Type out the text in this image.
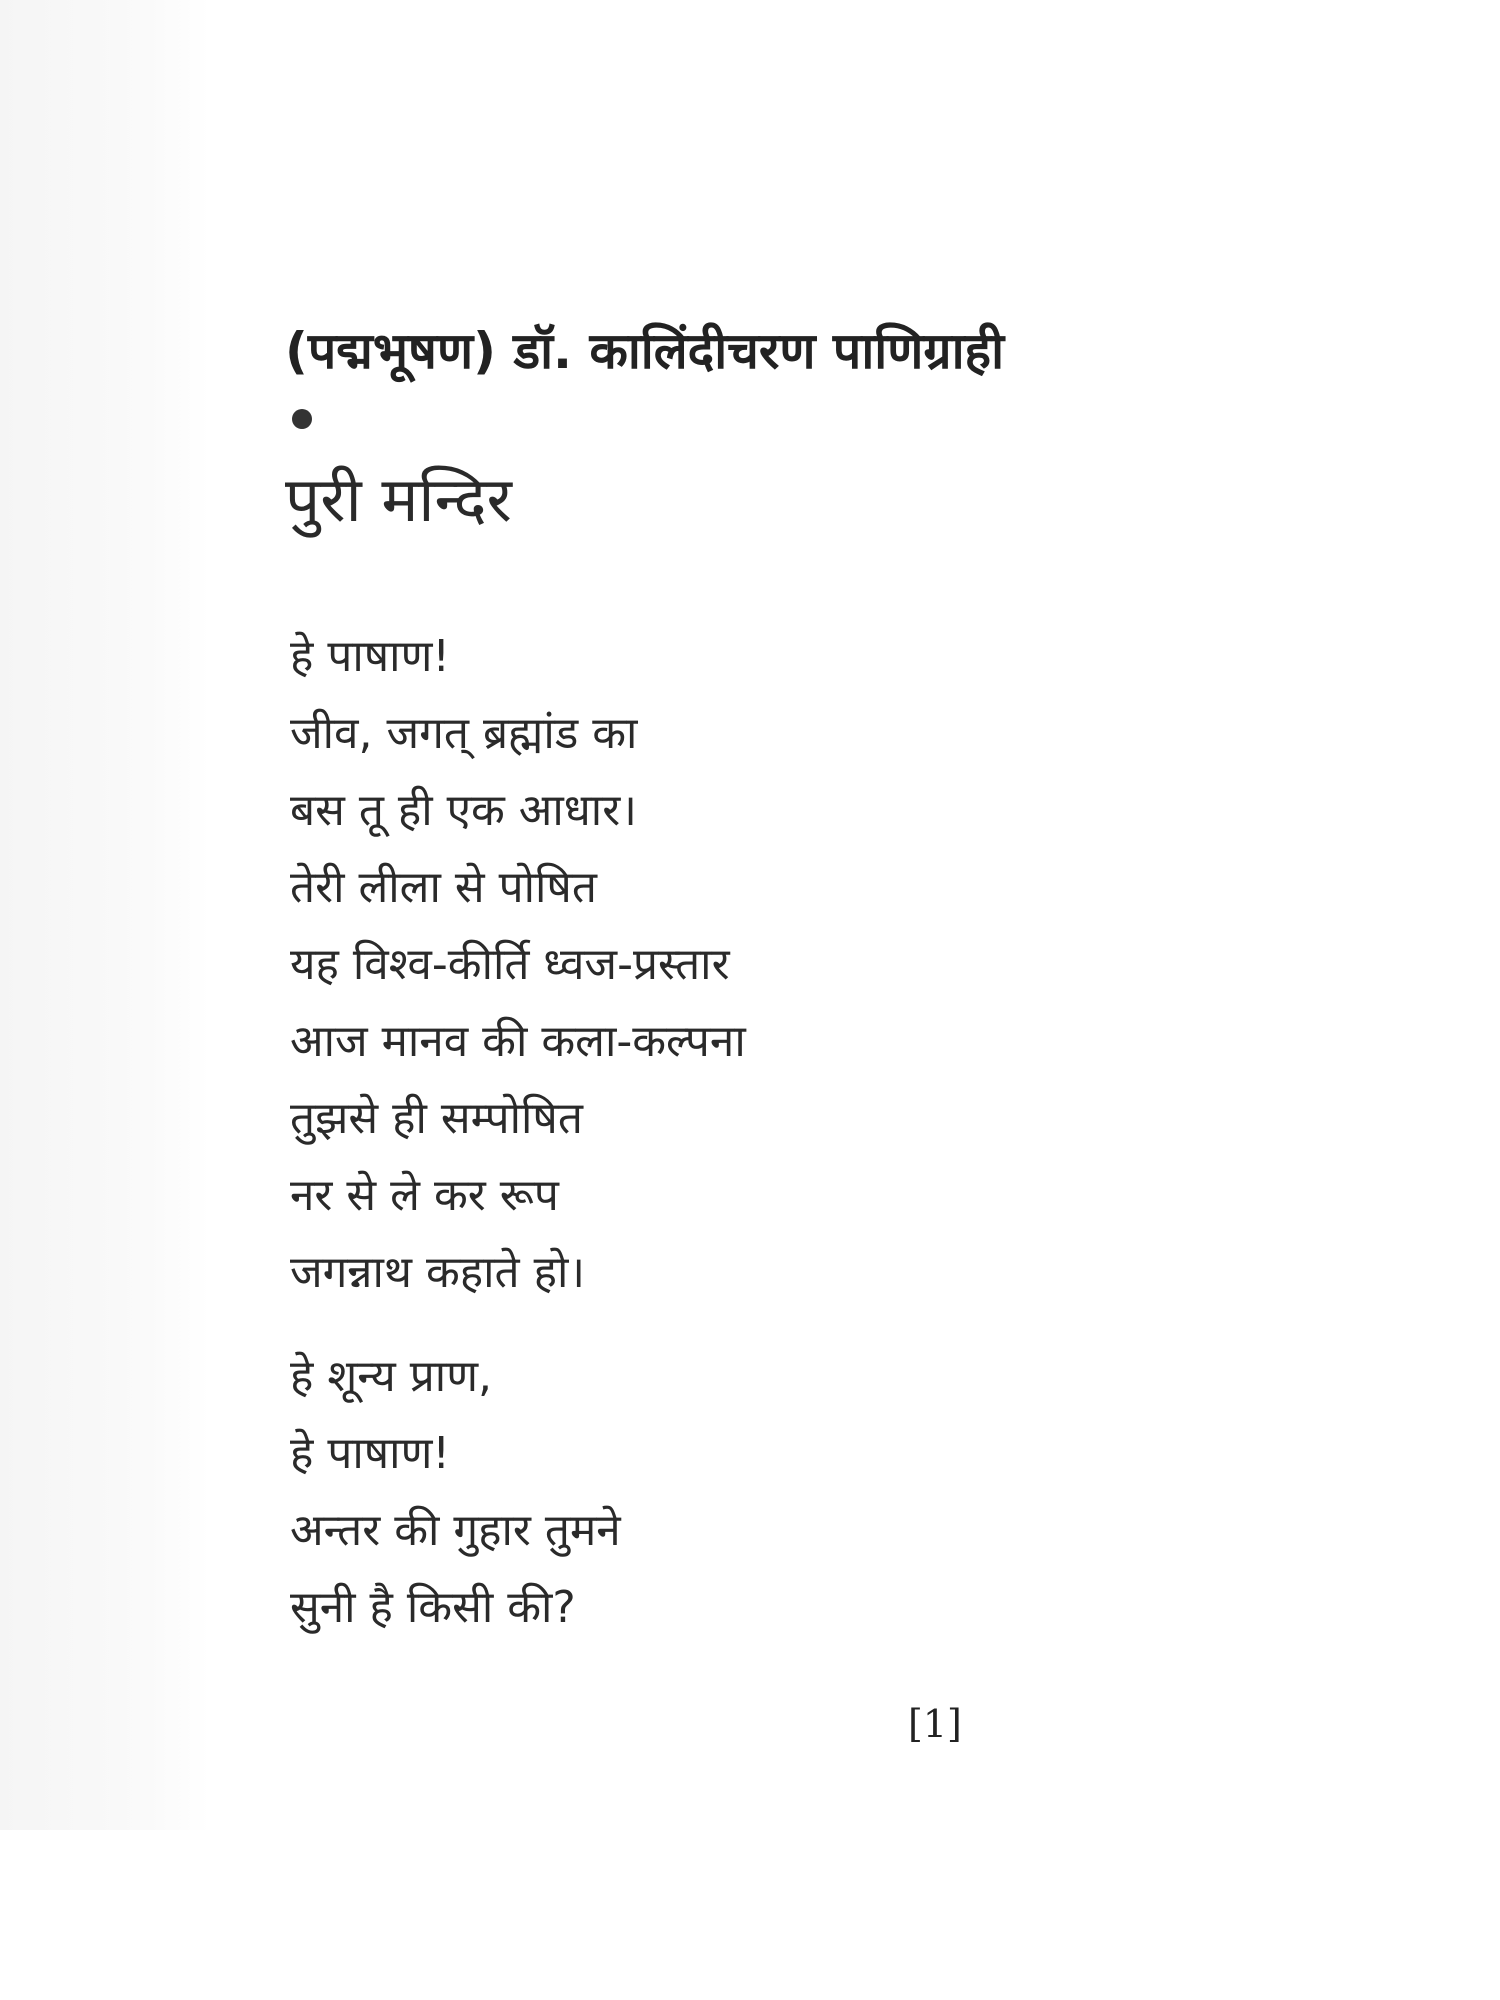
(पद्मभूषण) डॉ. कालिंदीचरण पाणिग्राही
पुरी मन्दिर
हे पाषाण!
जीव, जगत् ब्रह्मांड का
बस तू ही एक आधार।
तेरी लीला से पोषित
यह विश्व-कीर्ति ध्वज-प्रस्तार
आज मानव की कला-कल्पना
तुझसे ही सम्पोषित
नर से ले कर रूप
जगन्नाथ कहाते हो।
हे शून्य प्राण,
हे पाषाण!
अन्तर की गुहार तुमने
सुनी है किसी की?
[1]
